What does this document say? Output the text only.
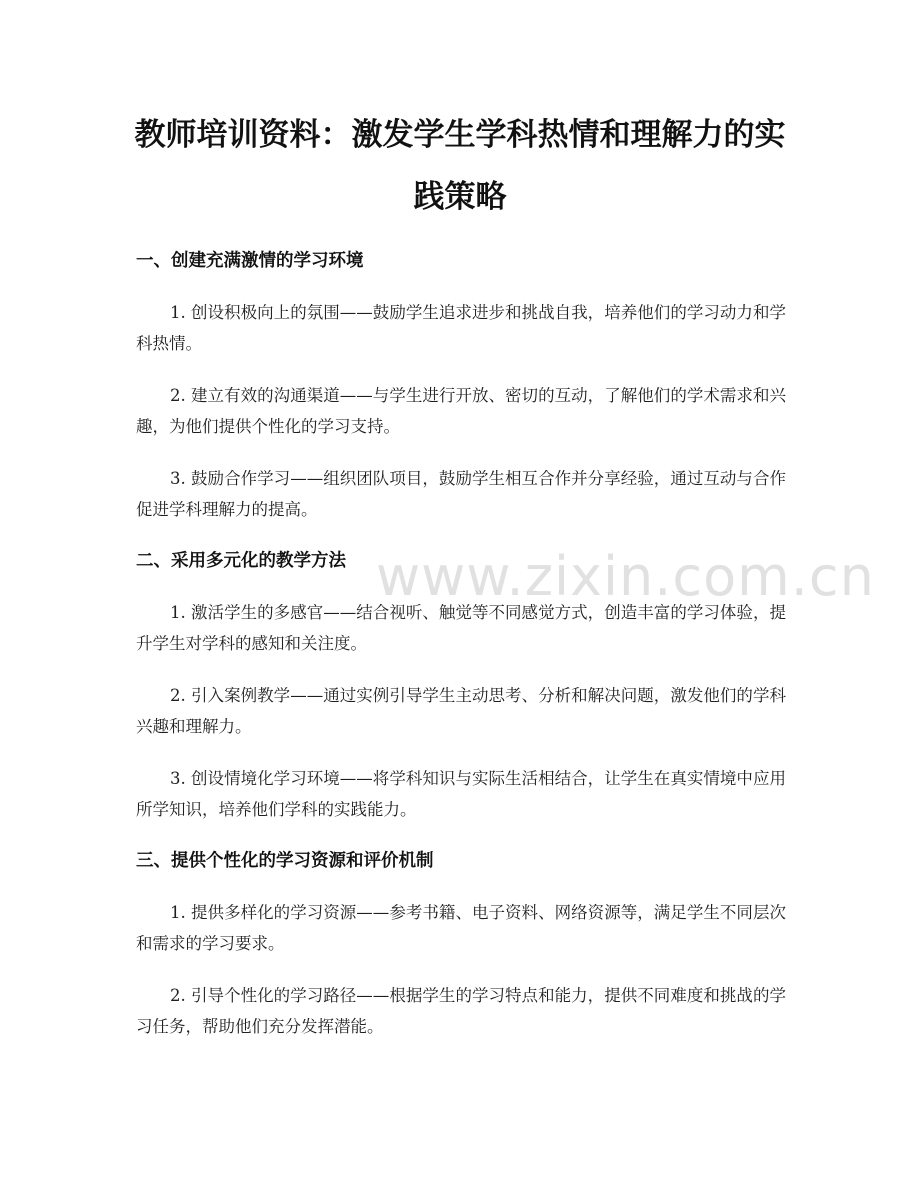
教师培训资料：激发学生学科热情和理解力的实践策略
www.zixin.com.cn
一、创建充满激情的学习环境

1. 创设积极向上的氛围——鼓励学生追求进步和挑战自我，培养他们的学习动力和学科热情。

2. 建立有效的沟通渠道——与学生进行开放、密切的互动，了解他们的学术需求和兴趣，为他们提供个性化的学习支持。

3. 鼓励合作学习——组织团队项目，鼓励学生相互合作并分享经验，通过互动与合作促进学科理解力的提高。

二、采用多元化的教学方法

1. 激活学生的多感官——结合视听、触觉等不同感觉方式，创造丰富的学习体验，提升学生对学科的感知和关注度。

2. 引入案例教学——通过实例引导学生主动思考、分析和解决问题，激发他们的学科兴趣和理解力。

3. 创设情境化学习环境——将学科知识与实际生活相结合，让学生在真实情境中应用所学知识，培养他们学科的实践能力。

三、提供个性化的学习资源和评价机制

1. 提供多样化的学习资源——参考书籍、电子资料、网络资源等，满足学生不同层次和需求的学习要求。

2. 引导个性化的学习路径——根据学生的学习特点和能力，提供不同难度和挑战的学习任务，帮助他们充分发挥潜能。
